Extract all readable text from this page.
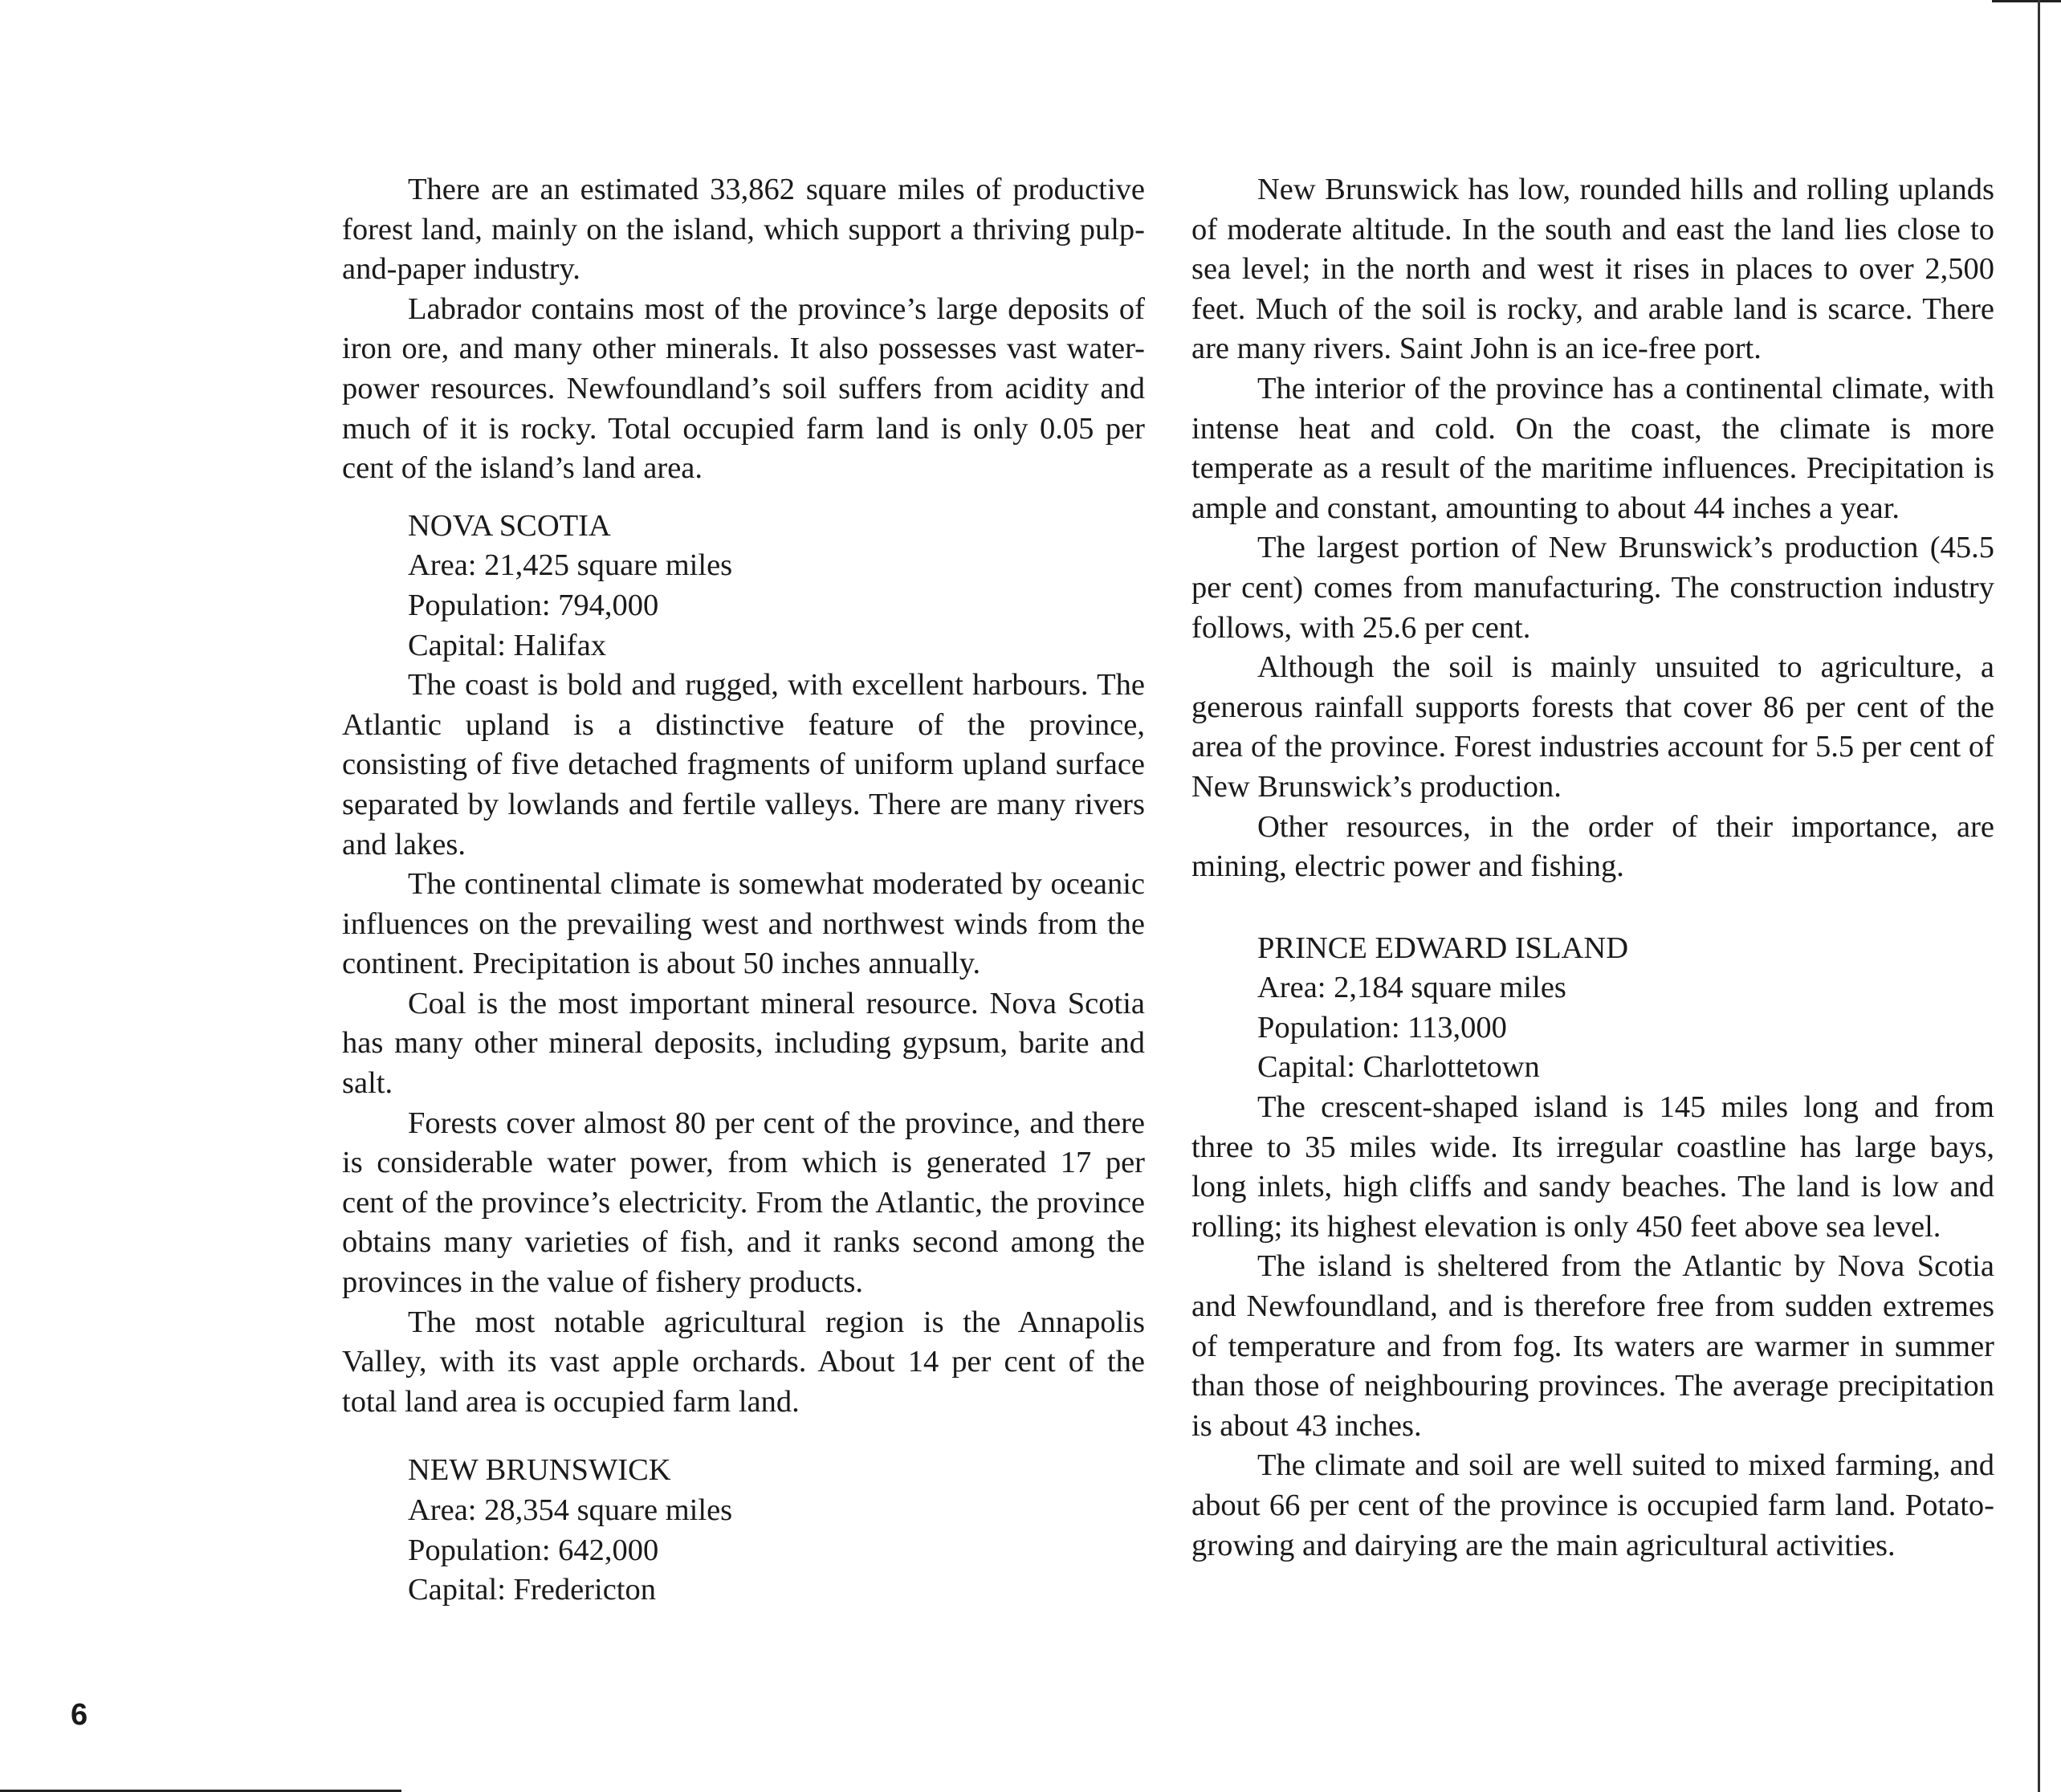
There are an estimated 33,862 square miles of productive forest land, mainly on the island, which support a thriving pulp-and-paper industry.

Labrador contains most of the province’s large deposits of iron ore, and many other minerals. It also possesses vast water-power resources. Newfoundland’s soil suffers from acidity and much of it is rocky. Total occupied farm land is only 0.05 per cent of the island’s land area.

NOVA SCOTIA
Area: 21,425 square miles
Population: 794,000
Capital: Halifax

The coast is bold and rugged, with excellent harbours. The Atlantic upland is a distinctive feature of the province, consisting of five detached fragments of uniform upland surface separated by lowlands and fertile valleys. There are many rivers and lakes.

The continental climate is somewhat moderated by oceanic influences on the prevailing west and northwest winds from the continent. Precipitation is about 50 inches annually.

Coal is the most important mineral resource. Nova Scotia has many other mineral deposits, including gypsum, barite and salt.

Forests cover almost 80 per cent of the province, and there is considerable water power, from which is generated 17 per cent of the province’s electricity. From the Atlantic, the province obtains many varieties of fish, and it ranks second among the provinces in the value of fishery products.

The most notable agricultural region is the Annapolis Valley, with its vast apple orchards. About 14 per cent of the total land area is occupied farm land.

NEW BRUNSWICK
Area: 28,354 square miles
Population: 642,000
Capital: Fredericton

New Brunswick has low, rounded hills and rolling uplands of moderate altitude. In the south and east the land lies close to sea level; in the north and west it rises in places to over 2,500 feet. Much of the soil is rocky, and arable land is scarce. There are many rivers. Saint John is an ice-free port.

The interior of the province has a continental climate, with intense heat and cold. On the coast, the climate is more temperate as a result of the maritime influences. Precipitation is ample and constant, amounting to about 44 inches a year.

The largest portion of New Brunswick’s production (45.5 per cent) comes from manufacturing. The construction industry follows, with 25.6 per cent.

Although the soil is mainly unsuited to agriculture, a generous rainfall supports forests that cover 86 per cent of the area of the province. Forest industries account for 5.5 per cent of New Brunswick’s production.

Other resources, in the order of their importance, are mining, electric power and fishing.

PRINCE EDWARD ISLAND
Area: 2,184 square miles
Population: 113,000
Capital: Charlottetown

The crescent-shaped island is 145 miles long and from three to 35 miles wide. Its irregular coastline has large bays, long inlets, high cliffs and sandy beaches. The land is low and rolling; its highest elevation is only 450 feet above sea level.

The island is sheltered from the Atlantic by Nova Scotia and Newfoundland, and is therefore free from sudden extremes of temperature and from fog. Its waters are warmer in summer than those of neighbouring provinces. The average precipitation is about 43 inches.

The climate and soil are well suited to mixed farming, and about 66 per cent of the province is occupied farm land. Potato-growing and dairying are the main agricultural activities.

6
